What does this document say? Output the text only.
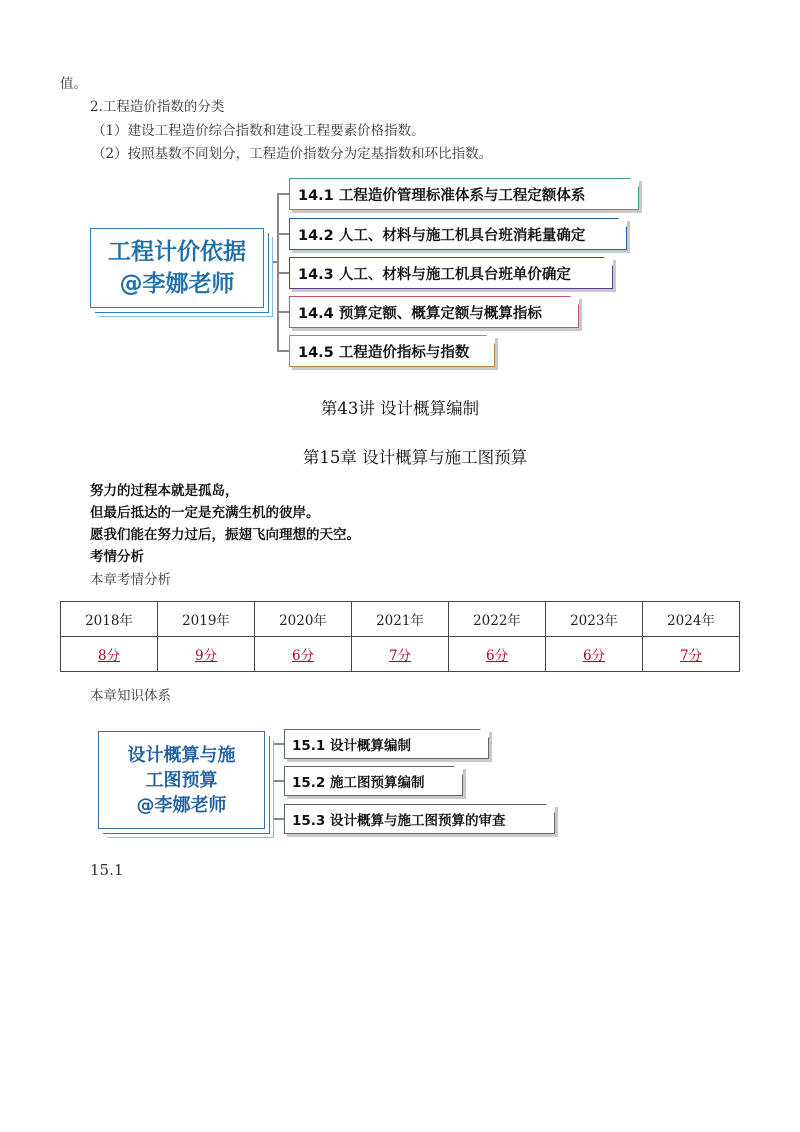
值。
2.工程造价指数的分类
（1）建设工程造价综合指数和建设工程要素价格指数。
（2）按照基数不同划分，工程造价指数分为定基指数和环比指数。
工程计价依据
@李娜老师
14.1 工程造价管理标准体系与工程定额体系
14.2 人工、材料与施工机具台班消耗量确定
14.3 人工、材料与施工机具台班单价确定
14.4 预算定额、概算定额与概算指标
14.5 工程造价指标与指数
第43讲 设计概算编制
第15章 设计概算与施工图预算
努力的过程本就是孤岛，
但最后抵达的一定是充满生机的彼岸。
愿我们能在努力过后，振翅飞向理想的天空。
考情分析
本章考情分析
2018年	2019年	2020年	2021年	2022年	2023年	2024年
8分	9分	6分	7分	6分	6分	7分
本章知识体系
设计概算与施
工图预算
@李娜老师
15.1 设计概算编制
15.2 施工图预算编制
15.3 设计概算与施工图预算的审查
15.1
